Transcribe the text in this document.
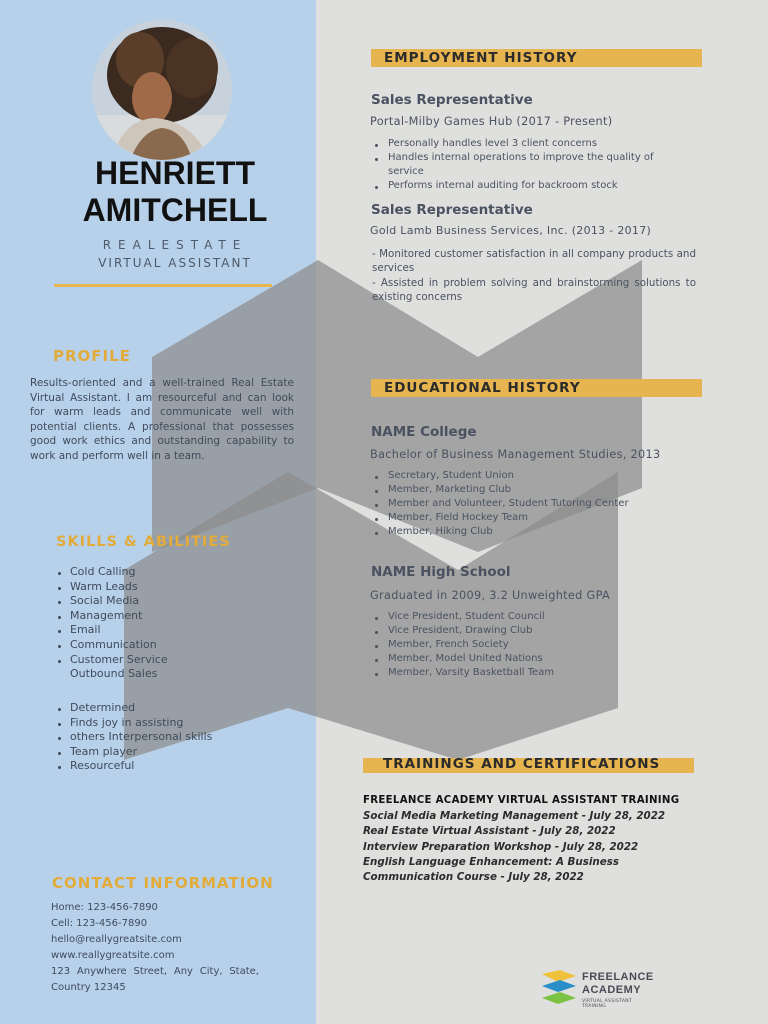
HENRIETT
AMITCHELL
REALESTATE
VIRTUAL ASSISTANT
PROFILE
Results-oriented and a well-trained Real Estate Virtual Assistant. I am resourceful and can look for warm leads and communicate well with potential clients. A professional that possesses good work ethics and outstanding capability to work and perform well in a team.
SKILLS & ABILITIES
Cold Calling
Warm Leads
Social Media
Management
Email
Communication
Customer Service
Outbound Sales
Determined
Finds joy in assisting
others Interpersonal skills
Team player
Resourceful
CONTACT INFORMATION
Home: 123-456-7890
Cell: 123-456-7890
hello@reallygreatsite.com
www.reallygreatsite.com
123 Anywhere Street, Any City, State, Country 12345
EMPLOYMENT HISTORY
Sales Representative
Portal-Milby Games Hub (2017 - Present)
Personally handles level 3 client concerns
Handles internal operations to improve the quality of service
Performs internal auditing for backroom stock
Sales Representative
Gold Lamb Business Services, Inc. (2013 - 2017)
- Monitored customer satisfaction in all company products and services
- Assisted in problem solving and brainstorming solutions to existing concerns
EDUCATIONAL HISTORY
NAME College
Bachelor of Business Management Studies, 2013
Secretary, Student Union
Member, Marketing Club
Member and Volunteer, Student Tutoring Center
Member, Field Hockey Team
Member, Hiking Club
NAME High School
Graduated in 2009, 3.2 Unweighted GPA
Vice President, Student Council
Vice President, Drawing Club
Member, French Society
Member, Model United Nations
Member, Varsity Basketball Team
TRAININGS AND CERTIFICATIONS
FREELANCE ACADEMY VIRTUAL ASSISTANT TRAINING
Social Media Marketing Management - July 28, 2022
Real Estate Virtual Assistant - July 28, 2022
Interview Preparation Workshop - July 28, 2022
English Language Enhancement: A Business
Communication Course - July 28, 2022
FREELANCE
ACADEMY
VIRTUAL ASSISTANT TRAINING
